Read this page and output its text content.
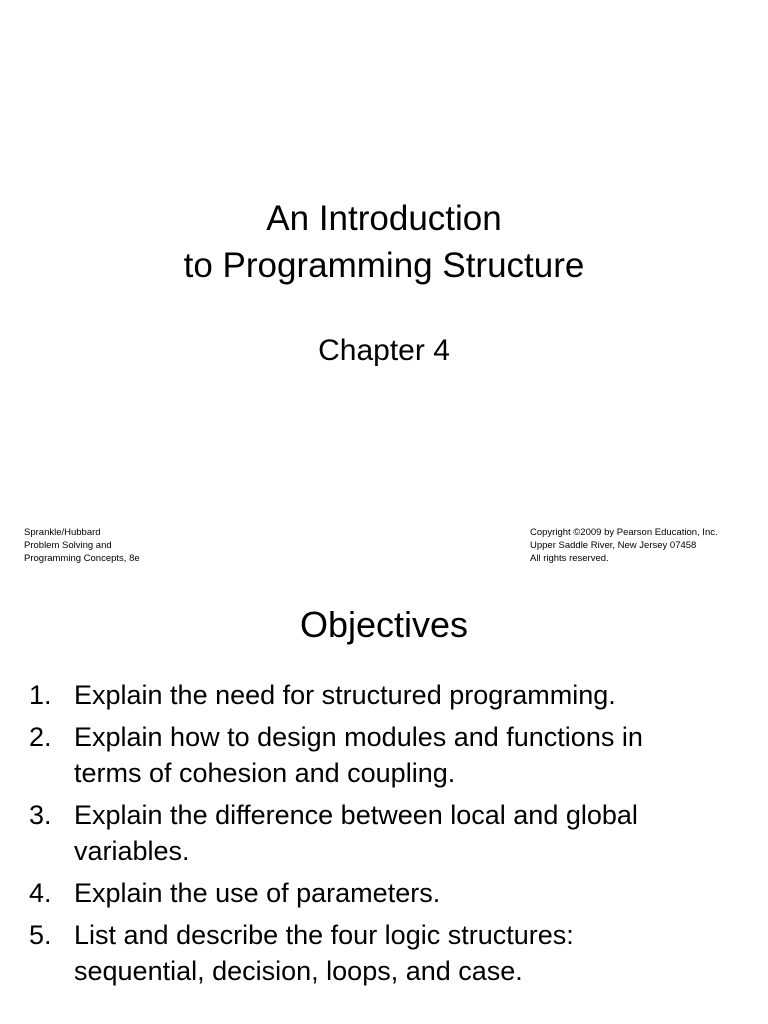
An Introduction
to Programming Structure
Chapter 4
Sprankle/Hubbard
Problem Solving and
Programming Concepts, 8e
Copyright ©2009 by Pearson Education, Inc.
Upper Saddle River, New Jersey 07458
All rights reserved.
Objectives
1. Explain the need for structured programming.
2. Explain how to design modules and functions in
terms of cohesion and coupling.
3. Explain the difference between local and global
variables.
4. Explain the use of parameters.
5. List and describe the four logic structures:
sequential, decision, loops, and case.
